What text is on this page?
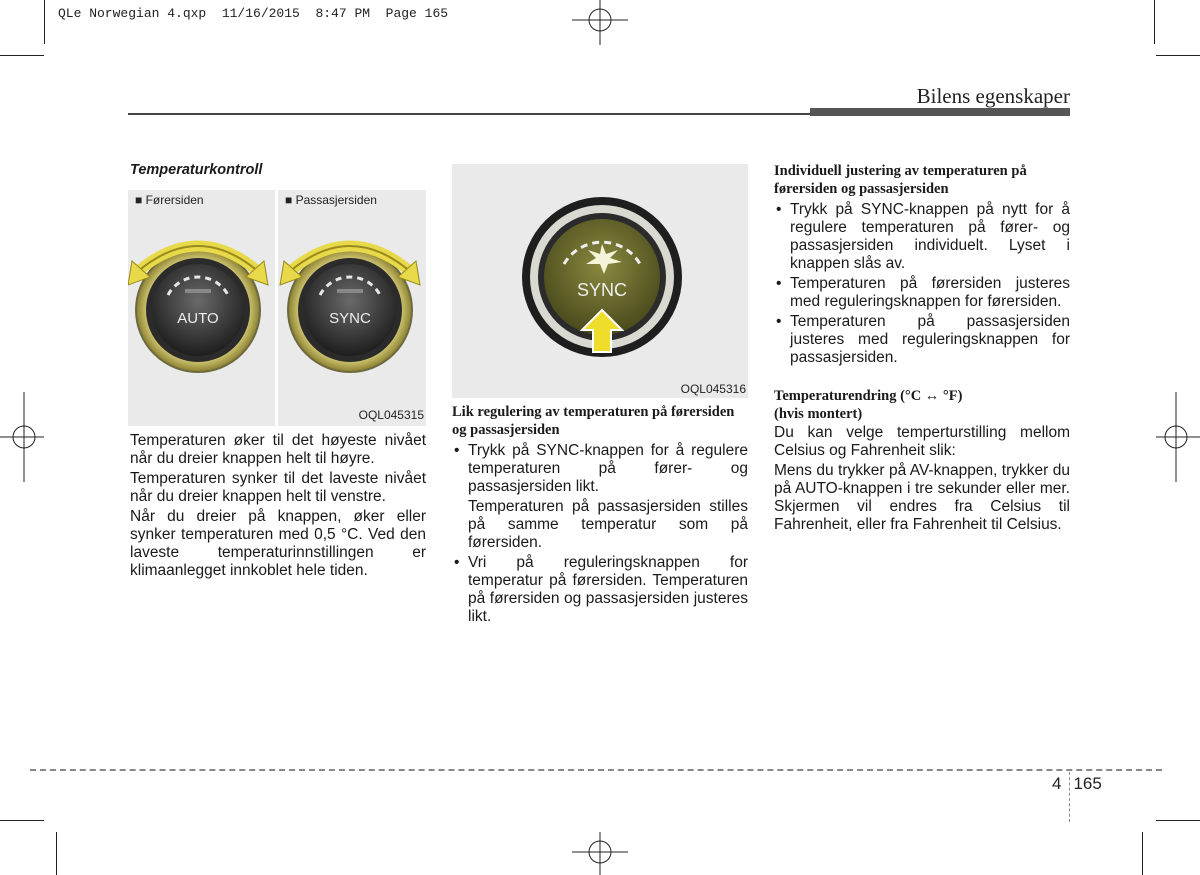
QLe Norwegian 4.qxp  11/16/2015  8:47 PM  Page 165
Bilens egenskaper
Temperaturkontroll
■ Førersiden
AUTO
■ Passasjersiden
SYNC
OQL045315
SYNC
OQL045316
Temperaturen øker til det høyeste nivået når du dreier knappen helt til høyre.
Temperaturen synker til det laveste nivået når du dreier knappen helt til venstre.
Når du dreier på knappen, øker eller synker temperaturen med 0,5 °C. Ved den laveste temperaturinnstillingen er klimaanlegget innkoblet hele tiden.
Lik regulering av temperaturen på førersiden og passasjersiden
• Trykk på SYNC-knappen for å regulere temperaturen på fører- og passasjersiden likt.
Temperaturen på passasjersiden stilles på samme temperatur som på førersiden.
• Vri på reguleringsknappen for temperatur på førersiden. Temperaturen på førersiden og passasjersiden justeres likt.
Individuell justering av temperaturen på førersiden og passasjersiden
• Trykk på SYNC-knappen på nytt for å regulere temperaturen på fører- og passasjersiden individuelt. Lyset i knappen slås av.
• Temperaturen på førersiden justeres med reguleringsknappen for førersiden.
• Temperaturen på passasjersiden justeres med reguleringsknappen for passasjersiden.
Temperaturendring (°C ↔ °F)
(hvis montert)
Du kan velge temperturstilling mellom Celsius og Fahrenheit slik:
Mens du trykker på AV-knappen, trykker du på AUTO-knappen i tre sekunder eller mer. Skjermen vil endres fra Celsius til Fahrenheit, eller fra Fahrenheit til Celsius.
4 165
